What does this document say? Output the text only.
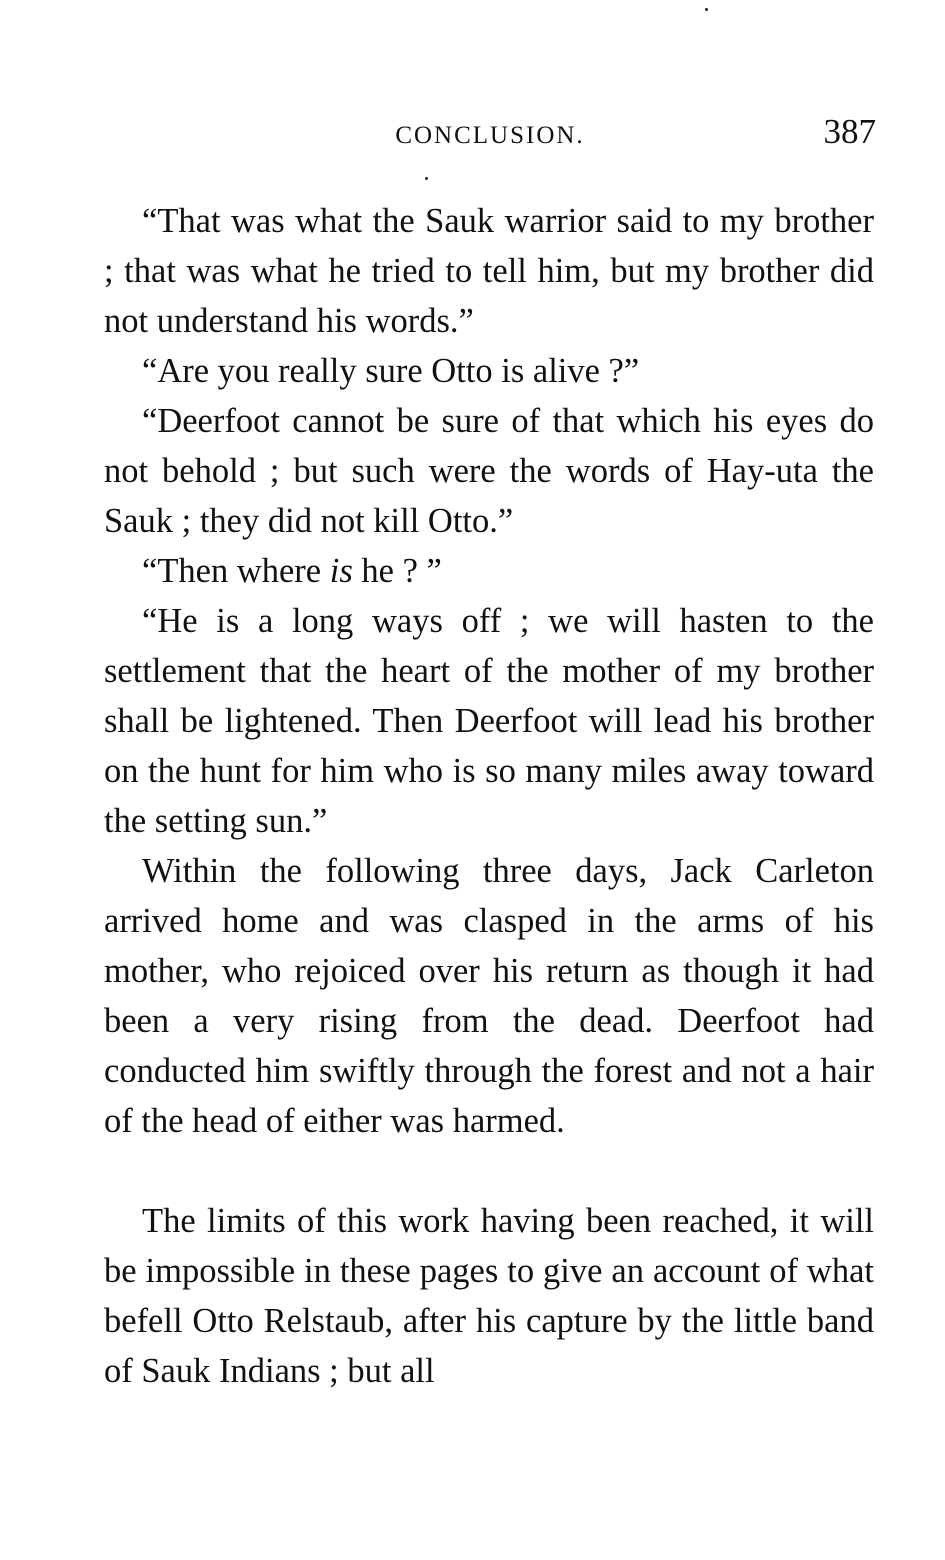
CONCLUSION.	387

“That was what the Sauk warrior said to my brother ; that was what he tried to tell him, but my brother did not understand his words.”

“Are you really sure Otto is alive ?”

“Deerfoot cannot be sure of that which his eyes do not behold ; but such were the words of Hay-uta the Sauk ; they did not kill Otto.”

“Then where is he ? ”

“He is a long ways off ; we will hasten to the settlement that the heart of the mother of my brother shall be lightened. Then Deerfoot will lead his brother on the hunt for him who is so many miles away toward the setting sun.”

Within the following three days, Jack Carleton arrived home and was clasped in the arms of his mother, who rejoiced over his return as though it had been a very rising from the dead. Deerfoot had conducted him swiftly through the forest and not a hair of the head of either was harmed.

The limits of this work having been reached, it will be impossible in these pages to give an account of what befell Otto Relstaub, after his capture by the little band of Sauk Indians ; but all
